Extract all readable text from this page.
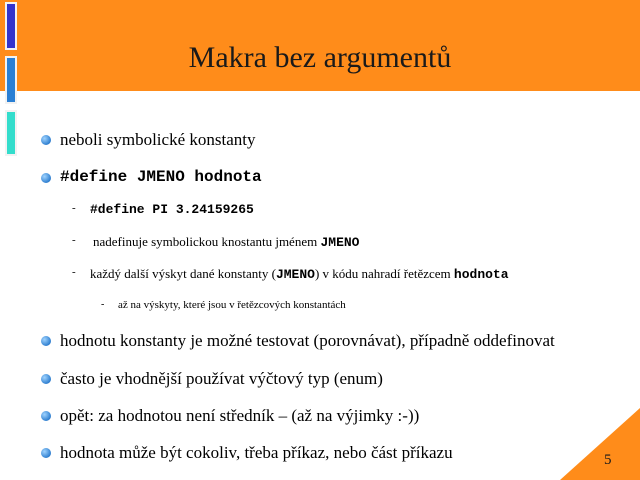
Makra bez argumentů
neboli symbolické konstanty
#define JMENO hodnota
- #define PI 3.24159265
- nadefinuje symbolickou knostantu jménem JMENO
- každý další výskyt dané konstanty (JMENO) v kódu nahradí řetězcem hodnota
- až na výskyty, které jsou v řetězcových konstantách
hodnotu konstanty je možné testovat (porovnávat), případně oddefinovat
často je vhodnější používat výčtový typ (enum)
opět: za hodnotou není středník – (až na výjimky :-))
hodnota může být cokoliv, třeba příkaz, nebo část příkazu	5
